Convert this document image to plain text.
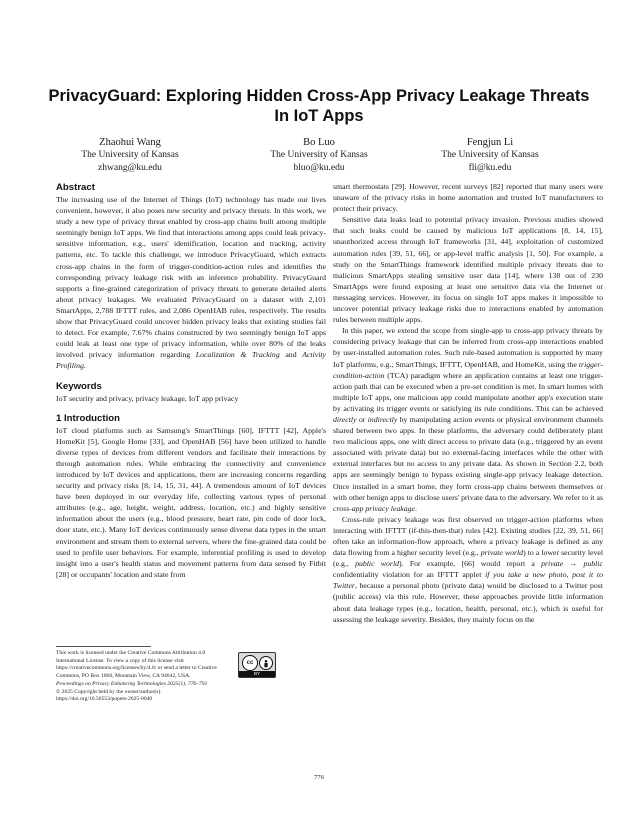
PrivacyGuard: Exploring Hidden Cross-App Privacy Leakage Threats In IoT Apps
Zhaohui Wang
The University of Kansas
zhwang@ku.edu
Bo Luo
The University of Kansas
bluo@ku.edu
Fengjun Li
The University of Kansas
fli@ku.edu
Abstract

The increasing use of the Internet of Things (IoT) technology has made our lives convenient, however, it also poses new security and privacy threats. In this work, we study a new type of privacy threat enabled by cross-app chains built among multiple seemingly benign IoT apps. We find that interactions among apps could leak privacy-sensitive information, e.g., users' identification, location and tracking, activity patterns, etc. To tackle this challenge, we introduce PrivacyGuard, which extracts cross-app chains in the form of trigger-condition-action rules and identifies the corresponding privacy leakage risk with an inference probability. PrivacyGuard supports a fine-grained categorization of privacy threats to generate detailed alerts about privacy leakages. We evaluated PrivacyGuard on a dataset with 2,101 SmartApps, 2,788 IFTTT rules, and 2,086 OpenHAB rules, respectively. The results show that PrivacyGuard could uncover hidden privacy leaks that existing studies fail to detect. For example, 7.67% chains constructed by two seemingly benign IoT apps could leak at least one type of privacy information, while over 80% of the leaks involved privacy information regarding Localization & Tracking and Activity Profiling.

Keywords

IoT security and privacy, privacy leakage, IoT app privacy

1 Introduction

IoT cloud platforms such as Samsung's SmartThings [60], IFTTT [42], Apple's HomeKit [5], Google Home [33], and OpenHAB [56] have been utilized to handle diverse types of devices from different vendors and facilitate their interactions by through automation rules. While embracing the connectivity and convenience introduced by IoT devices and applications, there are increasing concerns regarding security and privacy risks [8, 14, 15, 31, 44]. A tremendous amount of IoT devices have been deployed in our everyday life, collecting various types of personal attributes (e.g., age, height, weight, address, location, etc.) and highly sensitive information about the users (e.g., blood pressure, heart rate, pin code of door lock, door state, etc.). Many IoT devices continuously sense diverse data types in the smart environment and stream them to external servers, where the fine-grained data could be used to profile user behaviors. For example, inferential profiling is used to develop insight into a user's health status and movement patterns from data sensed by Fitbit [28] or occupants' location and state from

smart thermostats [29]. However, recent surveys [82] reported that many users were unaware of the privacy risks in home automation and trusted IoT manufacturers to protect their privacy.

Sensitive data leaks lead to potential privacy invasion. Previous studies showed that such leaks could be caused by malicious IoT applications [8, 14, 15], unauthorized access through IoT frameworks [31, 44], exploitation of customized automation rules [39, 51, 66], or app-level traffic analysis [1, 50]. For example, a study on the SmartThings framework identified multiple privacy threats due to malicious SmartApps stealing sensitive user data [14], where 138 out of 230 SmartApps were found exposing at least one sensitive data via the Internet or messaging services. However, its focus on single IoT apps makes it impossible to uncover potential privacy leakage risks due to interactions enabled by automation rules between multiple apps.

In this paper, we extend the scope from single-app to cross-app privacy threats by considering privacy leakage that can be inferred from cross-app interactions enabled by user-installed automation rules. Such rule-based automation is supported by many IoT platforms, e.g., SmartThings, IFTTT, OpenHAB, and HomeKit, using the trigger-condition-action (TCA) paradigm where an application contains at least one trigger-action path that can be executed when a pre-set condition is met. In smart homes with multiple IoT apps, one malicious app could manipulate another app's execution state by activating its trigger events or satisfying its rule conditions. This can be achieved directly or indirectly by manipulating action events or physical environment channels shared between two apps. In these platforms, the adversary could deliberately plant two malicious apps, one with direct access to private data (e.g., triggered by an event associated with private data) but no external-facing interfaces while the other with external interfaces but no access to any private data. As shown in Section 2.2, both apps are seemingly benign to bypass existing single-app privacy leakage detection. Once installed in a smart home, they form cross-app chains between themselves or with other benign apps to disclose users' private data to the adversary. We refer to it as cross-app privacy leakage.

Cross-rule privacy leakage was first observed on trigger-action platforms when interacting with IFTTT (if-this-then-that) rules [42]. Existing studies [22, 39, 51, 66] often take an information-flow approach, where a privacy leakage is defined as any data flowing from a higher security level (e.g., private world) to a lower security level (e.g., public world). For example, [66] would report a private → public confidentiality violation for an IFTTT applet if you take a new photo, post it to Twitter, because a personal photo (private data) would be disclosed to a Twitter post (public access) via this rule. However, these approaches provide little information about data leakage types (e.g., location, health, personal, etc.), which is useful for assessing the leakage severity. Besides, they mainly focus on the

This work is licensed under the Creative Commons Attribution 4.0 International License. To view a copy of this license visit https://creativecommons.org/licenses/by/4.0/ or send a letter to Creative Commons, PO Box 1866, Mountain View, CA 94042, USA.
Proceedings on Privacy Enhancing Technologies 2025(1), 776–791
© 2025 Copyright held by the owner/author(s).
https://doi.org/10.56553/popets-2025-0040
cc
BY
776
